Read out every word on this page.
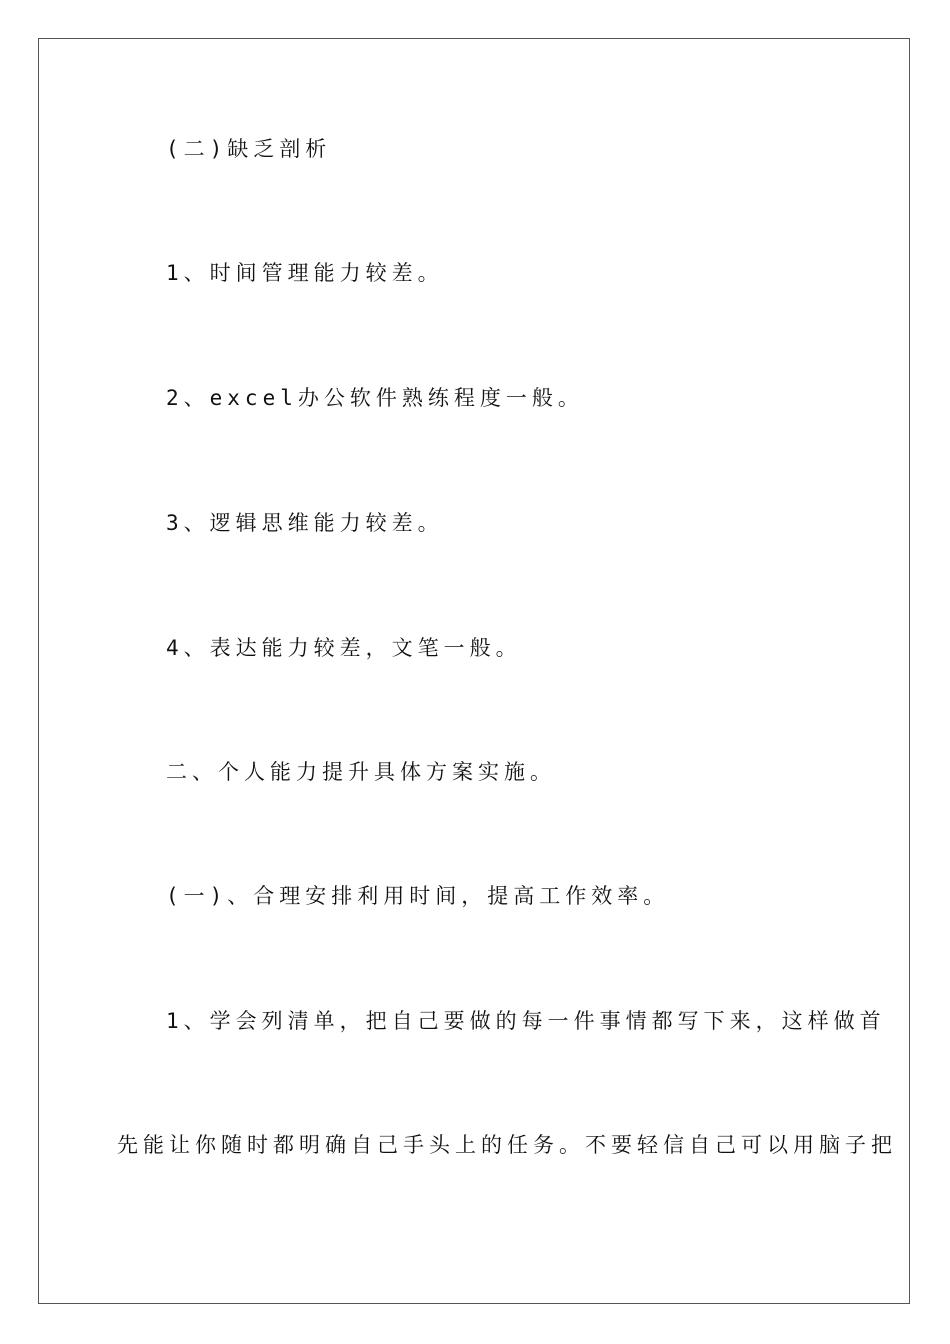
(二)缺乏剖析
1、时间管理能力较差。
2、excel办公软件熟练程度一般。
3、逻辑思维能力较差。
4、表达能力较差，文笔一般。
二、个人能力提升具体方案实施。
(一)、合理安排利用时间，提高工作效率。
1、学会列清单，把自己要做的每一件事情都写下来，这样做首
先能让你随时都明确自己手头上的任务。不要轻信自己可以用脑子把
